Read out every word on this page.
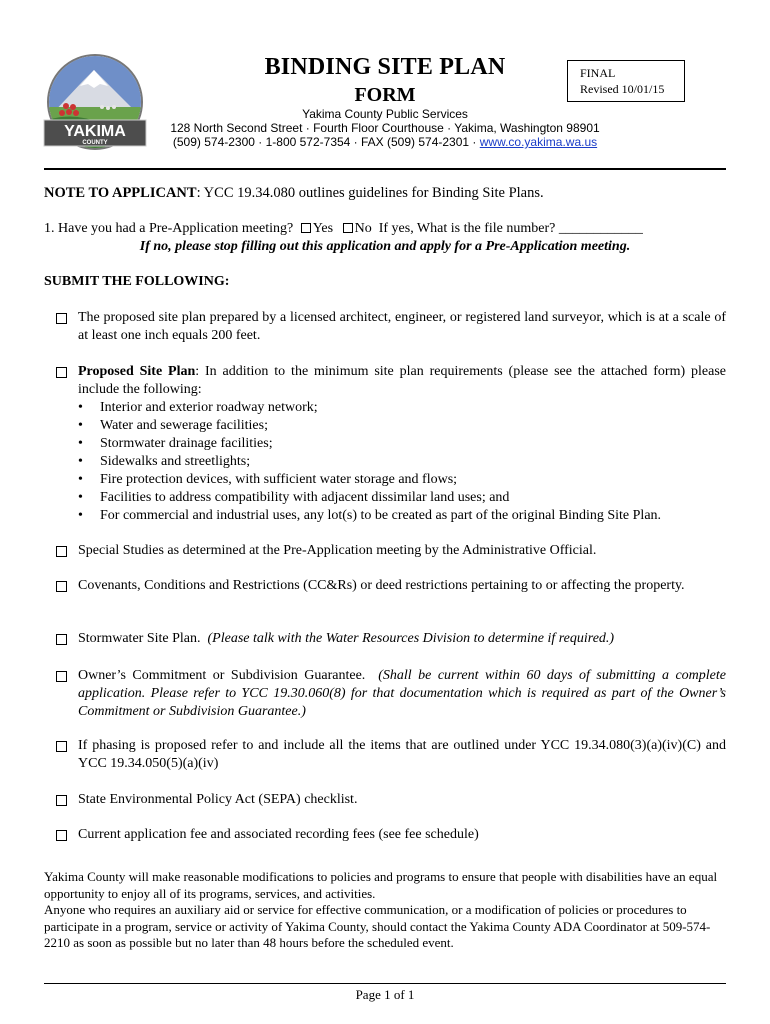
YAKIMA
COUNTY
BINDING SITE PLAN
FORM
FINAL
Revised 10/01/15
Yakima County Public Services
128 North Second Street · Fourth Floor Courthouse · Yakima, Washington 98901
(509) 574-2300 · 1-800 572-7354 · FAX (509) 574-2301 · www.co.yakima.wa.us
NOTE TO APPLICANT: YCC 19.34.080 outlines guidelines for Binding Site Plans.
1. Have you had a Pre-Application meeting? Yes No If yes, What is the file number? ____________
If no, please stop filling out this application and apply for a Pre-Application meeting.
SUBMIT THE FOLLOWING:
The proposed site plan prepared by a licensed architect, engineer, or registered land surveyor, which is at a scale of at least one inch equals 200 feet.
Proposed Site Plan: In addition to the minimum site plan requirements (please see the attached form) please include the following:
• Interior and exterior roadway network;
• Water and sewerage facilities;
• Stormwater drainage facilities;
• Sidewalks and streetlights;
• Fire protection devices, with sufficient water storage and flows;
• Facilities to address compatibility with adjacent dissimilar land uses; and
• For commercial and industrial uses, any lot(s) to be created as part of the original Binding Site Plan.
Special Studies as determined at the Pre-Application meeting by the Administrative Official.
Covenants, Conditions and Restrictions (CC&Rs) or deed restrictions pertaining to or affecting the property.
Stormwater Site Plan. (Please talk with the Water Resources Division to determine if required.)
Owner’s Commitment or Subdivision Guarantee. (Shall be current within 60 days of submitting a complete application. Please refer to YCC 19.30.060(8) for that documentation which is required as part of the Owner’s Commitment or Subdivision Guarantee.)
If phasing is proposed refer to and include all the items that are outlined under YCC 19.34.080(3)(a)(iv)(C) and YCC 19.34.050(5)(a)(iv)
State Environmental Policy Act (SEPA) checklist.
Current application fee and associated recording fees (see fee schedule)
Yakima County will make reasonable modifications to policies and programs to ensure that people with disabilities have an equal opportunity to enjoy all of its programs, services, and activities.
Anyone who requires an auxiliary aid or service for effective communication, or a modification of policies or procedures to participate in a program, service or activity of Yakima County, should contact the Yakima County ADA Coordinator at 509-574-2210 as soon as possible but no later than 48 hours before the scheduled event.
Page 1 of 1
